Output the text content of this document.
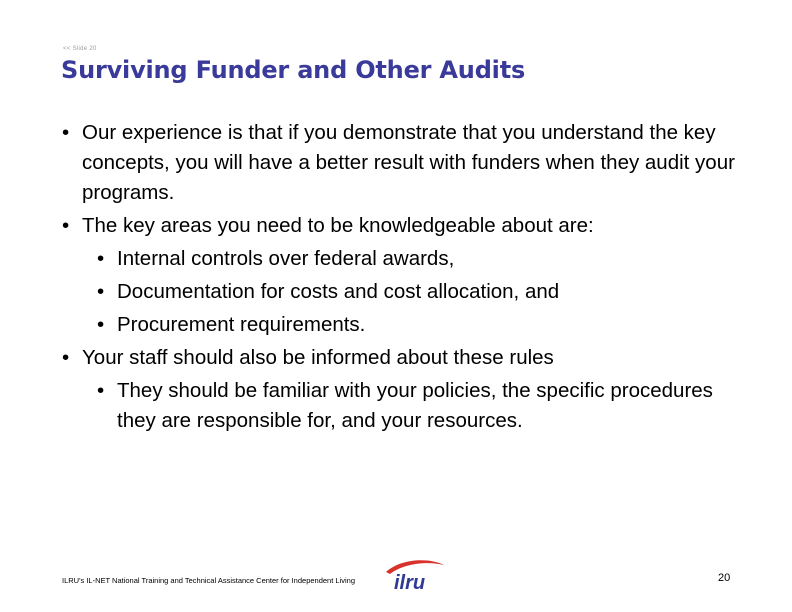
<< Slide 20
Surviving Funder and Other Audits

• Our experience is that if you demonstrate that you understand the key concepts, you will have a better result with funders when they audit your programs.

• The key areas you need to be knowledgeable about are:

• Internal controls over federal awards,

• Documentation for costs and cost allocation, and

• Procurement requirements.

• Your staff should also be informed about these rules

• They should be familiar with your policies, the specific procedures they are responsible for, and your resources.

ILRU's IL-NET National Training and Technical Assistance Center for Independent Living	ilru	20
